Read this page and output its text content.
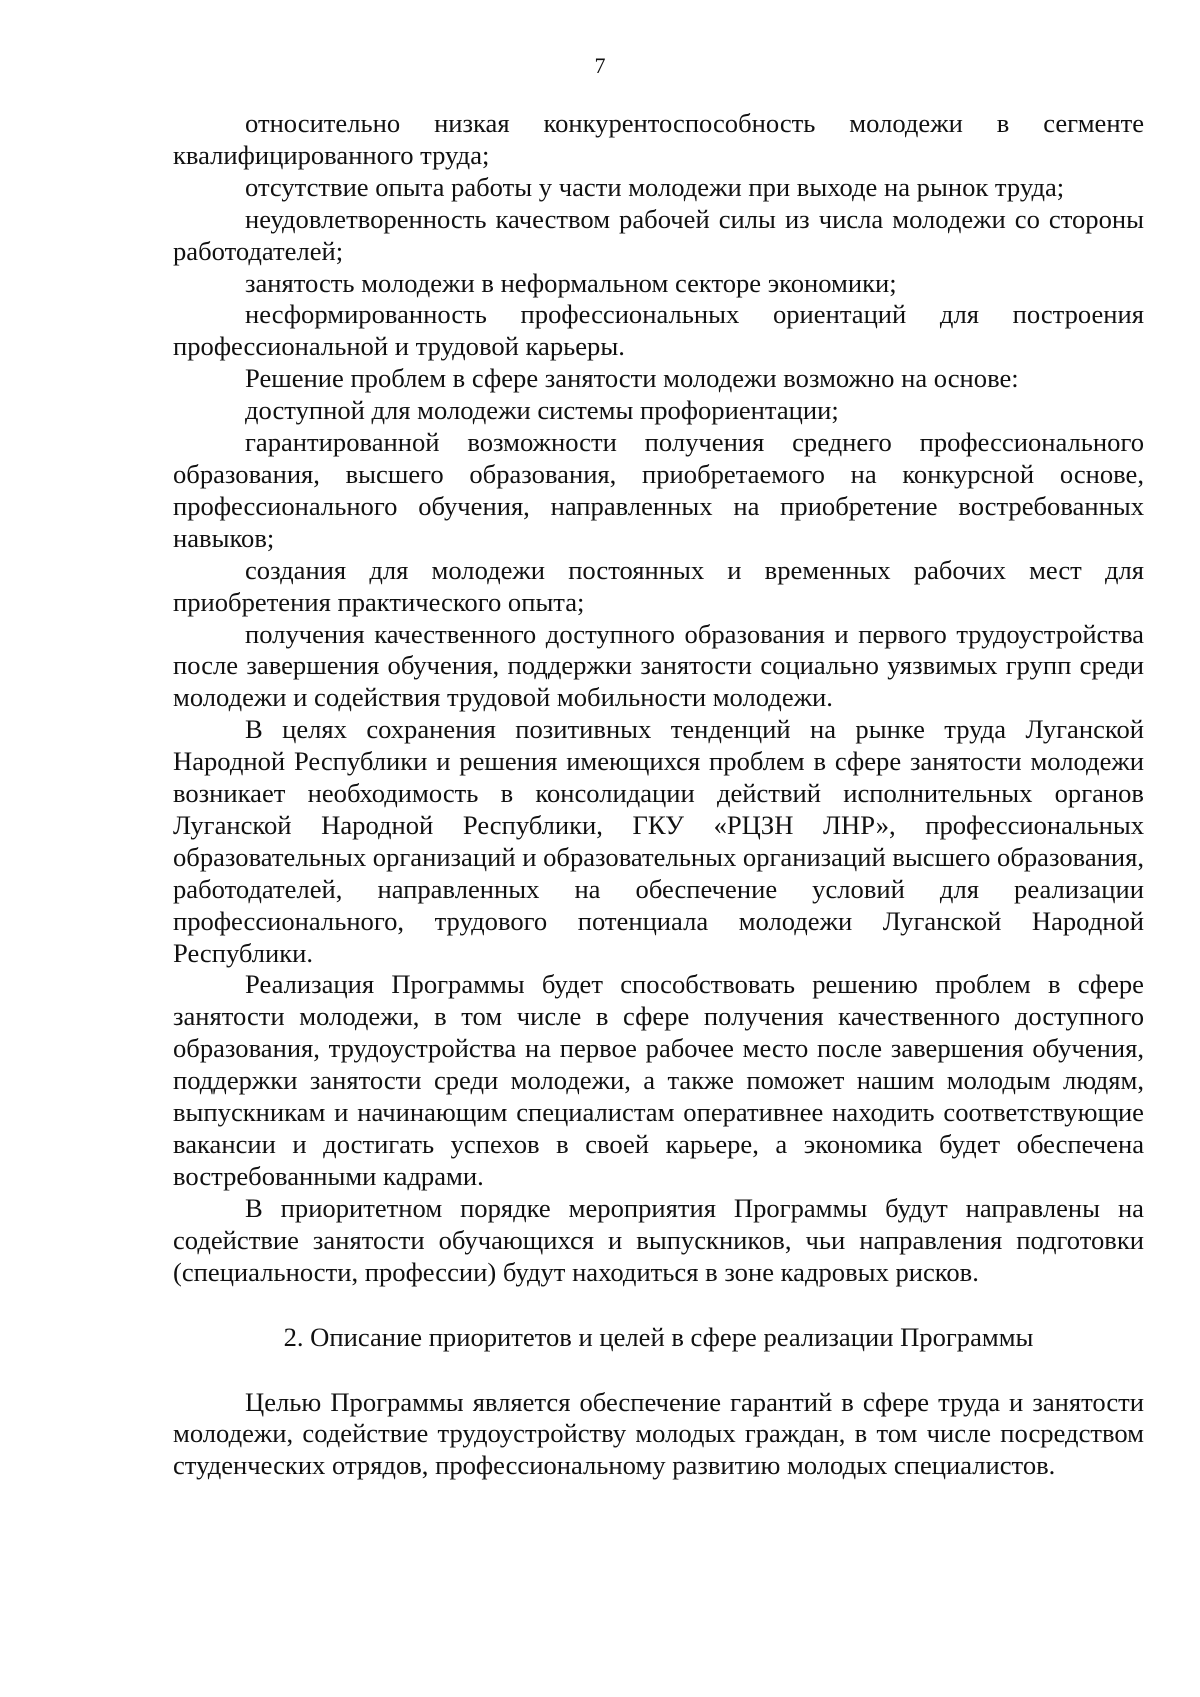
7

относительно низкая конкурентоспособность молодежи в сегменте квалифицированного труда;

отсутствие опыта работы у части молодежи при выходе на рынок труда;

неудовлетворенность качеством рабочей силы из числа молодежи со стороны работодателей;

занятость молодежи в неформальном секторе экономики;

несформированность профессиональных ориентаций для построения профессиональной и трудовой карьеры.

Решение проблем в сфере занятости молодежи возможно на основе:

доступной для молодежи системы профориентации;

гарантированной возможности получения среднего профессионального образования, высшего образования, приобретаемого на конкурсной основе, профессионального обучения, направленных на приобретение востребованных навыков;

создания для молодежи постоянных и временных рабочих мест для приобретения практического опыта;

получения качественного доступного образования и первого трудоустройства после завершения обучения, поддержки занятости социально уязвимых групп среди молодежи и содействия трудовой мобильности молодежи.

В целях сохранения позитивных тенденций на рынке труда Луганской Народной Республики и решения имеющихся проблем в сфере занятости молодежи возникает необходимость в консолидации действий исполнительных органов Луганской Народной Республики, ГКУ «РЦЗН ЛНР», профессиональных образовательных организаций и образовательных организаций высшего образования, работодателей, направленных на обеспечение условий для реализации профессионального, трудового потенциала молодежи Луганской Народной Республики.

Реализация Программы будет способствовать решению проблем в сфере занятости молодежи, в том числе в сфере получения качественного доступного образования, трудоустройства на первое рабочее место после завершения обучения, поддержки занятости среди молодежи, а также поможет нашим молодым людям, выпускникам и начинающим специалистам оперативнее находить соответствующие вакансии и достигать успехов в своей карьере, а экономика будет обеспечена востребованными кадрами.

В приоритетном порядке мероприятия Программы будут направлены на содействие занятости обучающихся и выпускников, чьи направления подготовки (специальности, профессии) будут находиться в зоне кадровых рисков.

2. Описание приоритетов и целей в сфере реализации Программы

Целью Программы является обеспечение гарантий в сфере труда и занятости молодежи, содействие трудоустройству молодых граждан, в том числе посредством студенческих отрядов, профессиональному развитию молодых специалистов.
